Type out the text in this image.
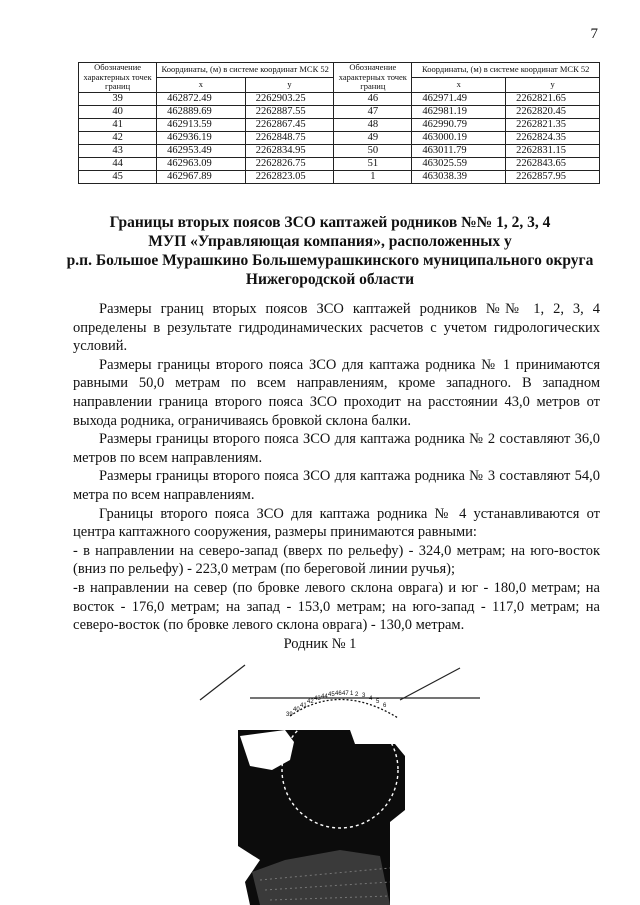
7
Обозначение характерных точек границ	Координаты, (м) в системе координат МСК 52		Обозначение характерных точек границ	Координаты, (м) в системе координат МСК 52	
	x	y		x	y
39	462872.49	2262903.25	46	462971.49	2262821.65
40	462889.69	2262887.55	47	462981.19	2262820.45
41	462913.59	2262867.45	48	462990.79	2262821.35
42	462936.19	2262848.75	49	463000.19	2262824.35
43	462953.49	2262834.95	50	463011.79	2262831.15
44	462963.09	2262826.75	51	463025.59	2262843.65
45	462967.89	2262823.05	1	463038.39	2262857.95
Границы вторых поясов ЗСО каптажей родников №№ 1, 2, 3, 4
МУП «Управляющая компания», расположенных у
р.п. Большое Мурашкино Большемурашкинского муниципального округа
Нижегородской области

Размеры границ вторых поясов ЗСО каптажей родников №№ 1, 2, 3, 4 определены в результате гидродинамических расчетов с учетом гидрологических условий.

Размеры границы второго пояса ЗСО для каптажа родника № 1 принимаются равными 50,0 метрам по всем направлениям, кроме западного. В западном направлении граница второго пояса ЗСО проходит на расстоянии 43,0 метров от выхода родника, ограничиваясь бровкой склона балки.

Размеры границы второго пояса ЗСО для каптажа родника № 2 составляют 36,0 метров по всем направлениям.

Размеры границы второго пояса ЗСО для каптажа родника № 3 составляют 54,0 метра по всем направлениям.

Границы второго пояса ЗСО для каптажа родника № 4 устанавливаются от центра каптажного сооружения, размеры принимаются равными:

- в направлении на северо-запад (вверх по рельефу) - 324,0 метрам; на юго-восток (вниз по рельефу) - 223,0 метрам (по береговой линии ручья);

-в направлении на север (по бровке левого склона оврага) и юг - 180,0 метрам; на восток - 176,0 метрам; на запад - 153,0 метрам; на юго-запад - 117,0 метрам; на северо-восток (по бровке левого склона оврага) - 130,0 метрам.

Родник № 1
39
40
41
42 43 44 45 46 47 1 2 3 4 5
6
